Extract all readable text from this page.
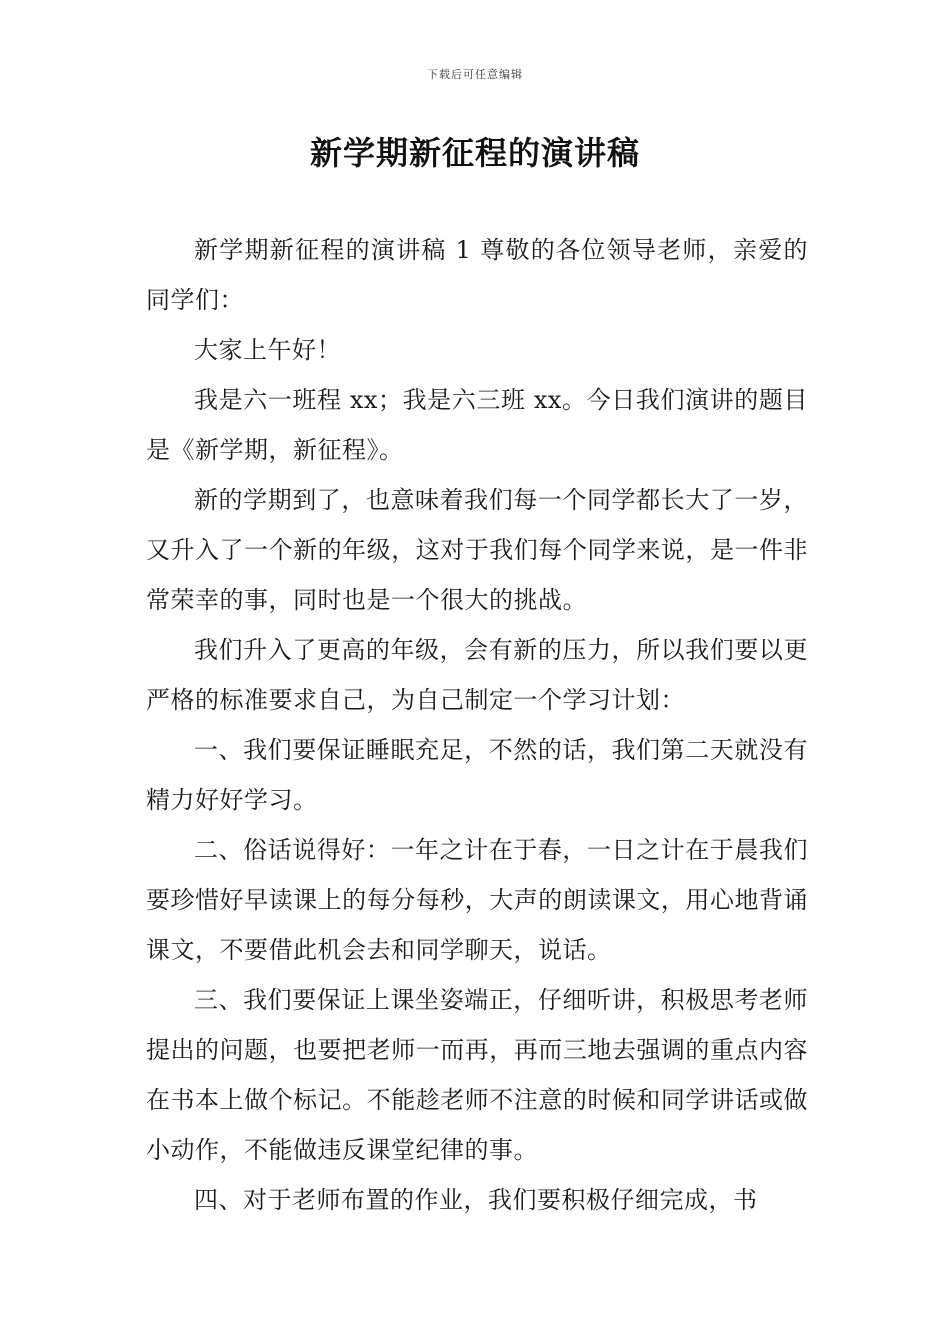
下载后可任意编辑
新学期新征程的演讲稿

新学期新征程的演讲稿 1 尊敬的各位领导老师，亲爱的同学们：

大家上午好！

我是六一班程 xx；我是六三班 xx。今日我们演讲的题目是《新学期，新征程》。

新的学期到了，也意味着我们每一个同学都长大了一岁，又升入了一个新的年级，这对于我们每个同学来说，是一件非常荣幸的事，同时也是一个很大的挑战。

我们升入了更高的年级，会有新的压力，所以我们要以更严格的标准要求自己，为自己制定一个学习计划：

一、我们要保证睡眠充足，不然的话，我们第二天就没有精力好好学习。

二、俗话说得好：一年之计在于春，一日之计在于晨我们要珍惜好早读课上的每分每秒，大声的朗读课文，用心地背诵课文，不要借此机会去和同学聊天，说话。

三、我们要保证上课坐姿端正，仔细听讲，积极思考老师提出的问题，也要把老师一而再，再而三地去强调的重点内容在书本上做个标记。不能趁老师不注意的时候和同学讲话或做小动作，不能做违反课堂纪律的事。

四、对于老师布置的作业，我们要积极仔细完成，书
